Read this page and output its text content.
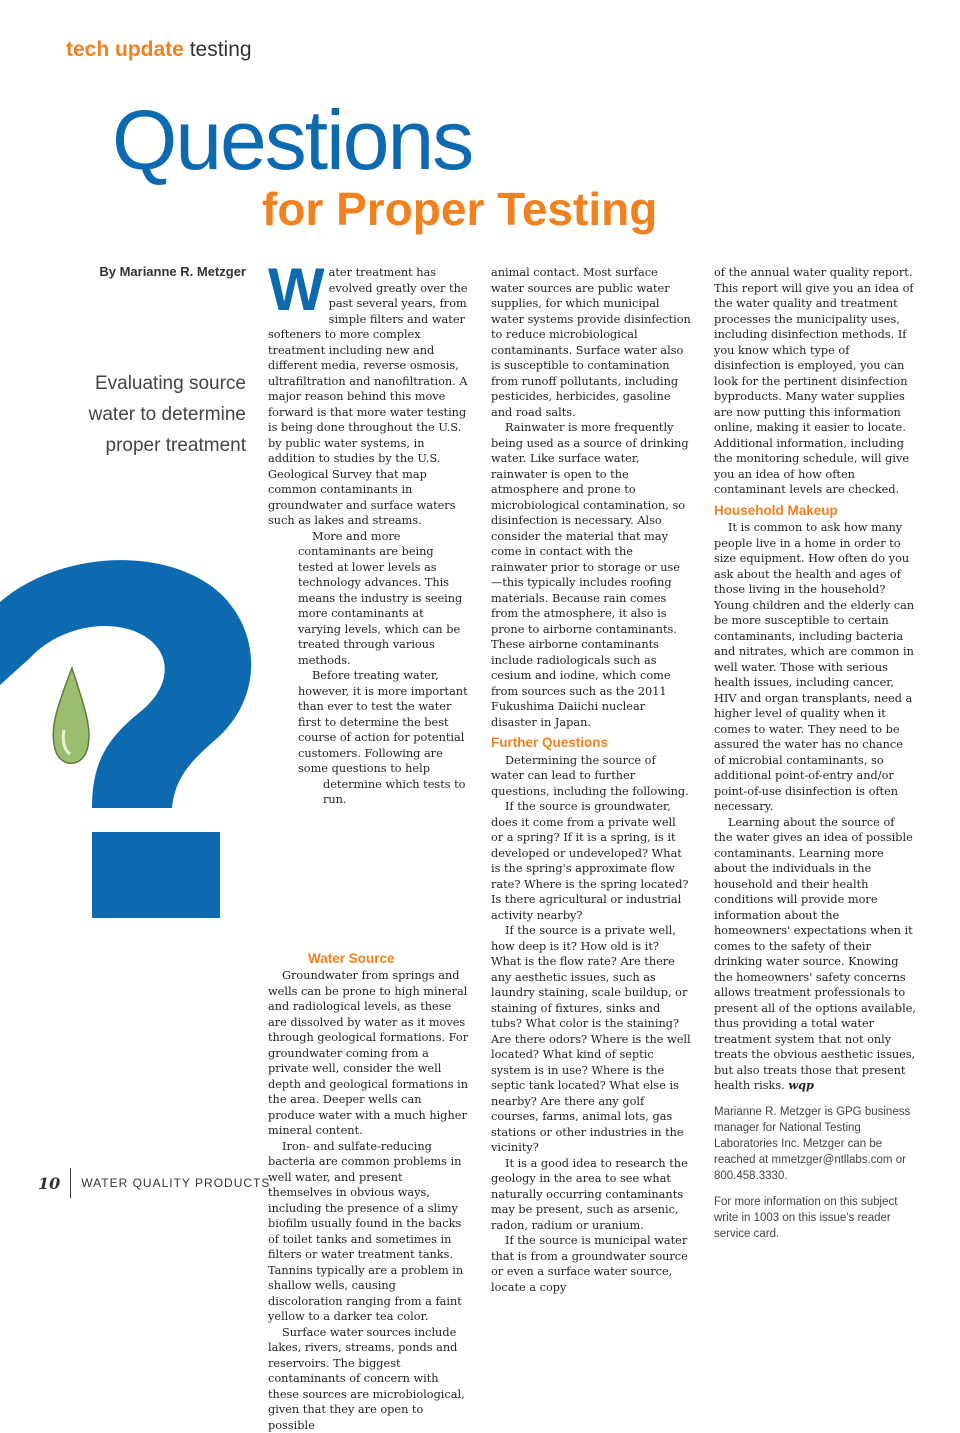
tech update testing
Questions
for Proper Testing
By Marianne R. Metzger
Evaluating source water to determine proper treatment
W ater treatment has evolved greatly over the past several years, from simple filters and water softeners to more complex treatment including new and different media, reverse osmosis, ultrafiltration and nanofiltration. A major reason behind this move forward is that more water testing is being done throughout the U.S. by public water systems, in addition to studies by the U.S. Geological Survey that map common contaminants in groundwater and surface waters such as lakes and streams.

More and more contaminants are being tested at lower levels as technology advances. This means the industry is seeing more contaminants at varying levels, which can be treated through various methods.

Before treating water, however, it is more important than ever to test the water first to determine the best course of action for potential customers. Following are some questions to help determine which tests to run.

Water Source

Groundwater from springs and wells can be prone to high mineral and radiological levels, as these are dissolved by water as it moves through geological formations. For groundwater coming from a private well, consider the well depth and geological formations in the area. Deeper wells can produce water with a much higher mineral content.

Iron- and sulfate-reducing bacteria are common problems in well water, and present themselves in obvious ways, including the presence of a slimy biofilm usually found in the backs of toilet tanks and sometimes in filters or water treatment tanks. Tannins typically are a problem in shallow wells, causing discoloration ranging from a faint yellow to a darker tea color.

Surface water sources include lakes, rivers, streams, ponds and reservoirs. The biggest contaminants of concern with these sources are microbiological, given that they are open to possible

animal contact. Most surface water sources are public water supplies, for which municipal water systems provide disinfection to reduce microbiological contaminants. Surface water also is susceptible to contamination from runoff pollutants, including pesticides, herbicides, gasoline and road salts.

Rainwater is more frequently being used as a source of drinking water. Like surface water, rainwater is open to the atmosphere and prone to microbiological contamination, so disinfection is necessary. Also consider the material that may come in contact with the rainwater prior to storage or use—this typically includes roofing materials. Because rain comes from the atmosphere, it also is prone to airborne contaminants. These airborne contaminants include radiologicals such as cesium and iodine, which come from sources such as the 2011 Fukushima Daiichi nuclear disaster in Japan.

Further Questions

Determining the source of water can lead to further questions, including the following.

If the source is groundwater, does it come from a private well or a spring? If it is a spring, is it developed or undeveloped? What is the spring's approximate flow rate? Where is the spring located? Is there agricultural or industrial activity nearby?

If the source is a private well, how deep is it? How old is it? What is the flow rate? Are there any aesthetic issues, such as laundry staining, scale buildup, or staining of fixtures, sinks and tubs? What color is the staining? Are there odors? Where is the well located? What kind of septic system is in use? Where is the septic tank located? What else is nearby? Are there any golf courses, farms, animal lots, gas stations or other industries in the vicinity?

It is a good idea to research the geology in the area to see what naturally occurring contaminants may be present, such as arsenic, radon, radium or uranium.

If the source is municipal water that is from a groundwater source or even a surface water source, locate a copy

of the annual water quality report. This report will give you an idea of the water quality and treatment processes the municipality uses, including disinfection methods. If you know which type of disinfection is employed, you can look for the pertinent disinfection byproducts. Many water supplies are now putting this information online, making it easier to locate. Additional information, including the monitoring schedule, will give you an idea of how often contaminant levels are checked.

Household Makeup

It is common to ask how many people live in a home in order to size equipment. How often do you ask about the health and ages of those living in the household? Young children and the elderly can be more susceptible to certain contaminants, including bacteria and nitrates, which are common in well water. Those with serious health issues, including cancer, HIV and organ transplants, need a higher level of quality when it comes to water. They need to be assured the water has no chance of microbial contaminants, so additional point-of-entry and/or point-of-use disinfection is often necessary.

Learning about the source of the water gives an idea of possible contaminants. Learning more about the individuals in the household and their health conditions will provide more information about the homeowners' expectations when it comes to the safety of their drinking water source. Knowing the homeowners' safety concerns allows treatment professionals to present all of the options available, thus providing a total water treatment system that not only treats the obvious aesthetic issues, but also treats those that present health risks. wqp

Marianne R. Metzger is GPG business manager for National Testing Laboratories Inc. Metzger can be reached at mmetzger@ntllabs.com or 800.458.3330.
For more information on this subject write in 1003 on this issue's reader service card.
10 WATER QUALITY PRODUCTS
